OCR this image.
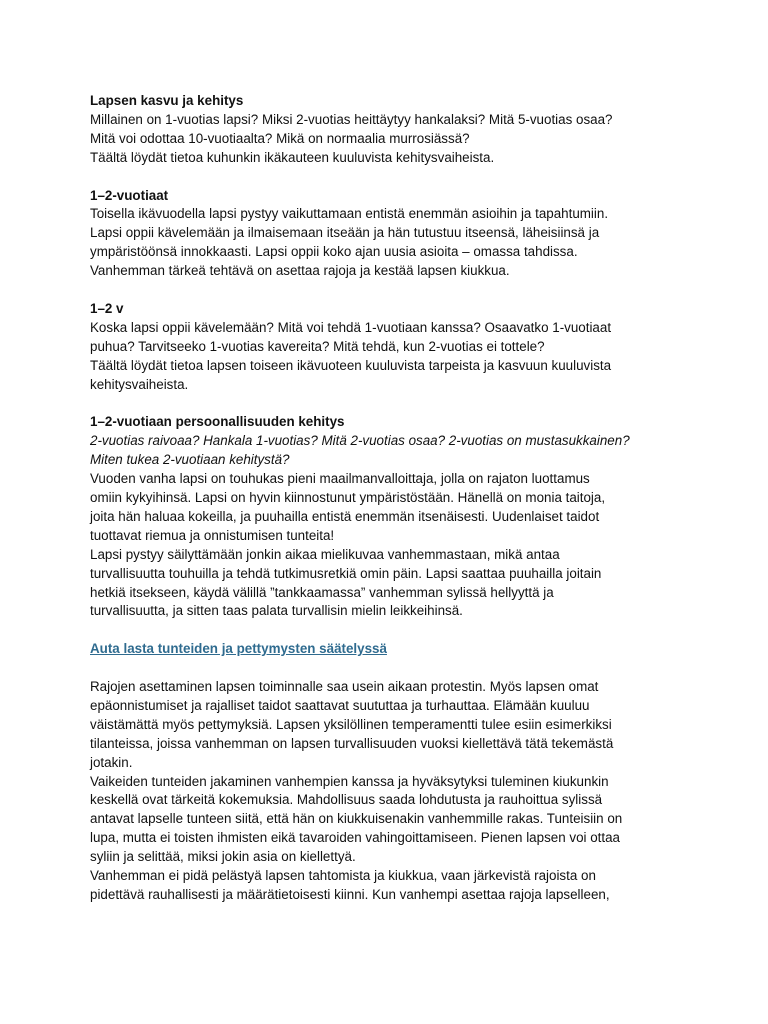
Lapsen kasvu ja kehitys

Millainen on 1-vuotias lapsi? Miksi 2-vuotias heittäytyy hankalaksi? Mitä 5-vuotias osaa?

Mitä voi odottaa 10-vuotiaalta? Mikä on normaalia murrosiässä?

Täältä löydät tietoa kuhunkin ikäkauteen kuuluvista kehitysvaiheista.

1–2-vuotiaat

Toisella ikävuodella lapsi pystyy vaikuttamaan entistä enemmän asioihin ja tapahtumiin.

Lapsi oppii kävelemään ja ilmaisemaan itseään ja hän tutustuu itseensä, läheisiinsä ja

ympäristöönsä innokkaasti. Lapsi oppii koko ajan uusia asioita – omassa tahdissa.

Vanhemman tärkeä tehtävä on asettaa rajoja ja kestää lapsen kiukkua.

1–2 v

Koska lapsi oppii kävelemään? Mitä voi tehdä 1-vuotiaan kanssa? Osaavatko 1-vuotiaat

puhua? Tarvitseeko 1-vuotias kavereita? Mitä tehdä, kun 2-vuotias ei tottele?

Täältä löydät tietoa lapsen toiseen ikävuoteen kuuluvista tarpeista ja kasvuun kuuluvista

kehitysvaiheista.

1–2-vuotiaan persoonallisuuden kehitys

2-vuotias raivoaa? Hankala 1-vuotias? Mitä 2-vuotias osaa? 2-vuotias on mustasukkainen?

Miten tukea 2-vuotiaan kehitystä?

Vuoden vanha lapsi on touhukas pieni maailmanvalloittaja, jolla on rajaton luottamus

omiin kykyihinsä. Lapsi on hyvin kiinnostunut ympäristöstään. Hänellä on monia taitoja,

joita hän haluaa kokeilla, ja puuhailla entistä enemmän itsenäisesti. Uudenlaiset taidot

tuottavat riemua ja onnistumisen tunteita!

Lapsi pystyy säilyttämään jonkin aikaa mielikuvaa vanhemmastaan, mikä antaa

turvallisuutta touhuilla ja tehdä tutkimusretkiä omin päin. Lapsi saattaa puuhailla joitain

hetkiä itsekseen, käydä välillä ”tankkaamassa” vanhemman sylissä hellyyttä ja

turvallisuutta, ja sitten taas palata turvallisin mielin leikkeihinsä.

Auta lasta tunteiden ja pettymysten säätelyssä

Rajojen asettaminen lapsen toiminnalle saa usein aikaan protestin. Myös lapsen omat

epäonnistumiset ja rajalliset taidot saattavat suututtaa ja turhauttaa. Elämään kuuluu

väistämättä myös pettymyksiä. Lapsen yksilöllinen temperamentti tulee esiin esimerkiksi

tilanteissa, joissa vanhemman on lapsen turvallisuuden vuoksi kiellettävä tätä tekemästä

jotakin.

Vaikeiden tunteiden jakaminen vanhempien kanssa ja hyväksytyksi tuleminen kiukunkin

keskellä ovat tärkeitä kokemuksia. Mahdollisuus saada lohdutusta ja rauhoittua sylissä

antavat lapselle tunteen siitä, että hän on kiukkuisenakin vanhemmille rakas. Tunteisiin on

lupa, mutta ei toisten ihmisten eikä tavaroiden vahingoittamiseen. Pienen lapsen voi ottaa

syliin ja selittää, miksi jokin asia on kiellettyä.

Vanhemman ei pidä pelästyä lapsen tahtomista ja kiukkua, vaan järkevistä rajoista on

pidettävä rauhallisesti ja määrätietoisesti kiinni. Kun vanhempi asettaa rajoja lapselleen,
